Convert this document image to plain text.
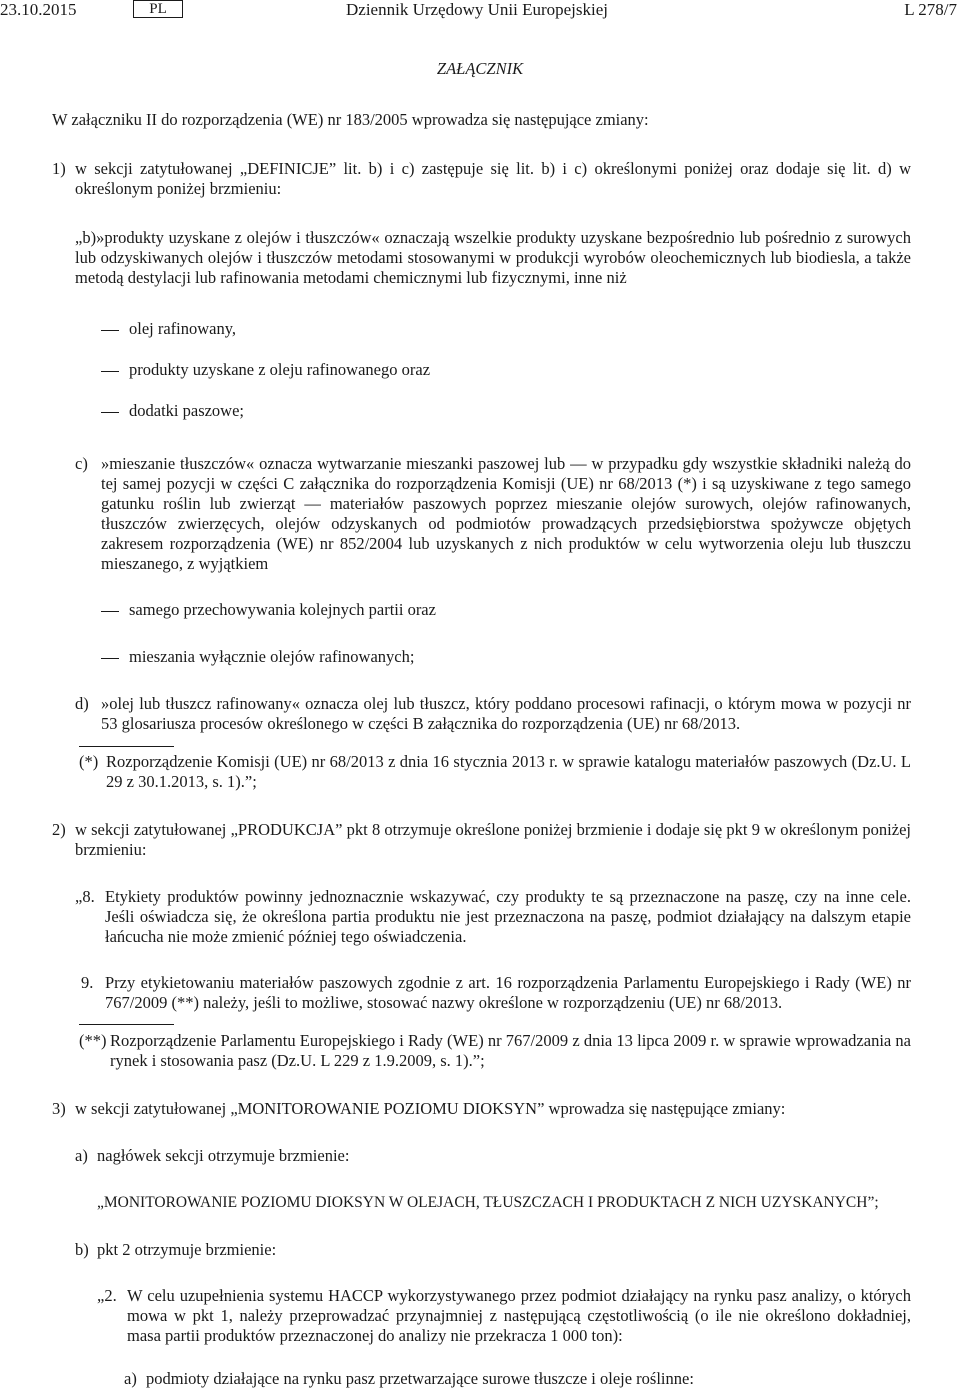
23.10.2015	PL	Dziennik Urzędowy Unii Europejskiej	L 278/7
ZAŁĄCZNIK
W załączniku II do rozporządzenia (WE) nr 183/2005 wprowadza się następujące zmiany:
1) w sekcji zatytułowanej „DEFINICJE” lit. b) i c) zastępuje się lit. b) i c) określonymi poniżej oraz dodaje się lit. d) w określonym poniżej brzmieniu:
„b)»produkty uzyskane z olejów i tłuszczów« oznaczają wszelkie produkty uzyskane bezpośrednio lub pośrednio z surowych lub odzyskiwanych olejów i tłuszczów metodami stosowanymi w produkcji wyrobów oleochemicznych lub biodiesla, a także metodą destylacji lub rafinowania metodami chemicznymi lub fizycznymi, inne niż
olej rafinowany,
produkty uzyskane z oleju rafinowanego oraz
dodatki paszowe;
c) »mieszanie tłuszczów« oznacza wytwarzanie mieszanki paszowej lub — w przypadku gdy wszystkie składniki należą do tej samej pozycji w części C załącznika do rozporządzenia Komisji (UE) nr 68/2013 (*) i są uzyskiwane z tego samego gatunku roślin lub zwierząt — materiałów paszowych poprzez mieszanie olejów surowych, olejów rafinowanych, tłuszczów zwierzęcych, olejów odzyskanych od podmiotów prowadzących przedsiębiorstwa spożywcze objętych zakresem rozporządzenia (WE) nr 852/2004 lub uzyskanych z nich produktów w celu wytworzenia oleju lub tłuszczu mieszanego, z wyjątkiem
samego przechowywania kolejnych partii oraz
mieszania wyłącznie olejów rafinowanych;
d) »olej lub tłuszcz rafinowany« oznacza olej lub tłuszcz, który poddano procesowi rafinacji, o którym mowa w pozycji nr 53 glosariusza procesów określonego w części B załącznika do rozporządzenia (UE) nr 68/2013.
(*) Rozporządzenie Komisji (UE) nr 68/2013 z dnia 16 stycznia 2013 r. w sprawie katalogu materiałów paszowych (Dz.U. L 29 z 30.1.2013, s. 1).”;
2) w sekcji zatytułowanej „PRODUKCJA” pkt 8 otrzymuje określone poniżej brzmienie i dodaje się pkt 9 w określonym poniżej brzmieniu:
„8. Etykiety produktów powinny jednoznacznie wskazywać, czy produkty te są przeznaczone na paszę, czy na inne cele. Jeśli oświadcza się, że określona partia produktu nie jest przeznaczona na paszę, podmiot działający na dalszym etapie łańcucha nie może zmienić później tego oświadczenia.
9. Przy etykietowaniu materiałów paszowych zgodnie z art. 16 rozporządzenia Parlamentu Europejskiego i Rady (WE) nr 767/2009 (**) należy, jeśli to możliwe, stosować nazwy określone w rozporządzeniu (UE) nr 68/2013.
(**) Rozporządzenie Parlamentu Europejskiego i Rady (WE) nr 767/2009 z dnia 13 lipca 2009 r. w sprawie wprowadzania na rynek i stosowania pasz (Dz.U. L 229 z 1.9.2009, s. 1).”;
3) w sekcji zatytułowanej „MONITOROWANIE POZIOMU DIOKSYN” wprowadza się następujące zmiany:
a) nagłówek sekcji otrzymuje brzmienie:
„MONITOROWANIE POZIOMU DIOKSYN W OLEJACH, TŁUSZCZACH I PRODUKTACH Z NICH UZYSKANYCH”;
b) pkt 2 otrzymuje brzmienie:
„2. W celu uzupełnienia systemu HACCP wykorzystywanego przez podmiot działający na rynku pasz analizy, o których mowa w pkt 1, należy przeprowadzać przynajmniej z następującą częstotliwością (o ile nie określono dokładniej, masa partii produktów przeznaczonej do analizy nie przekracza 1 000 ton):
a) podmioty działające na rynku pasz przetwarzające surowe tłuszcze i oleje roślinne:
